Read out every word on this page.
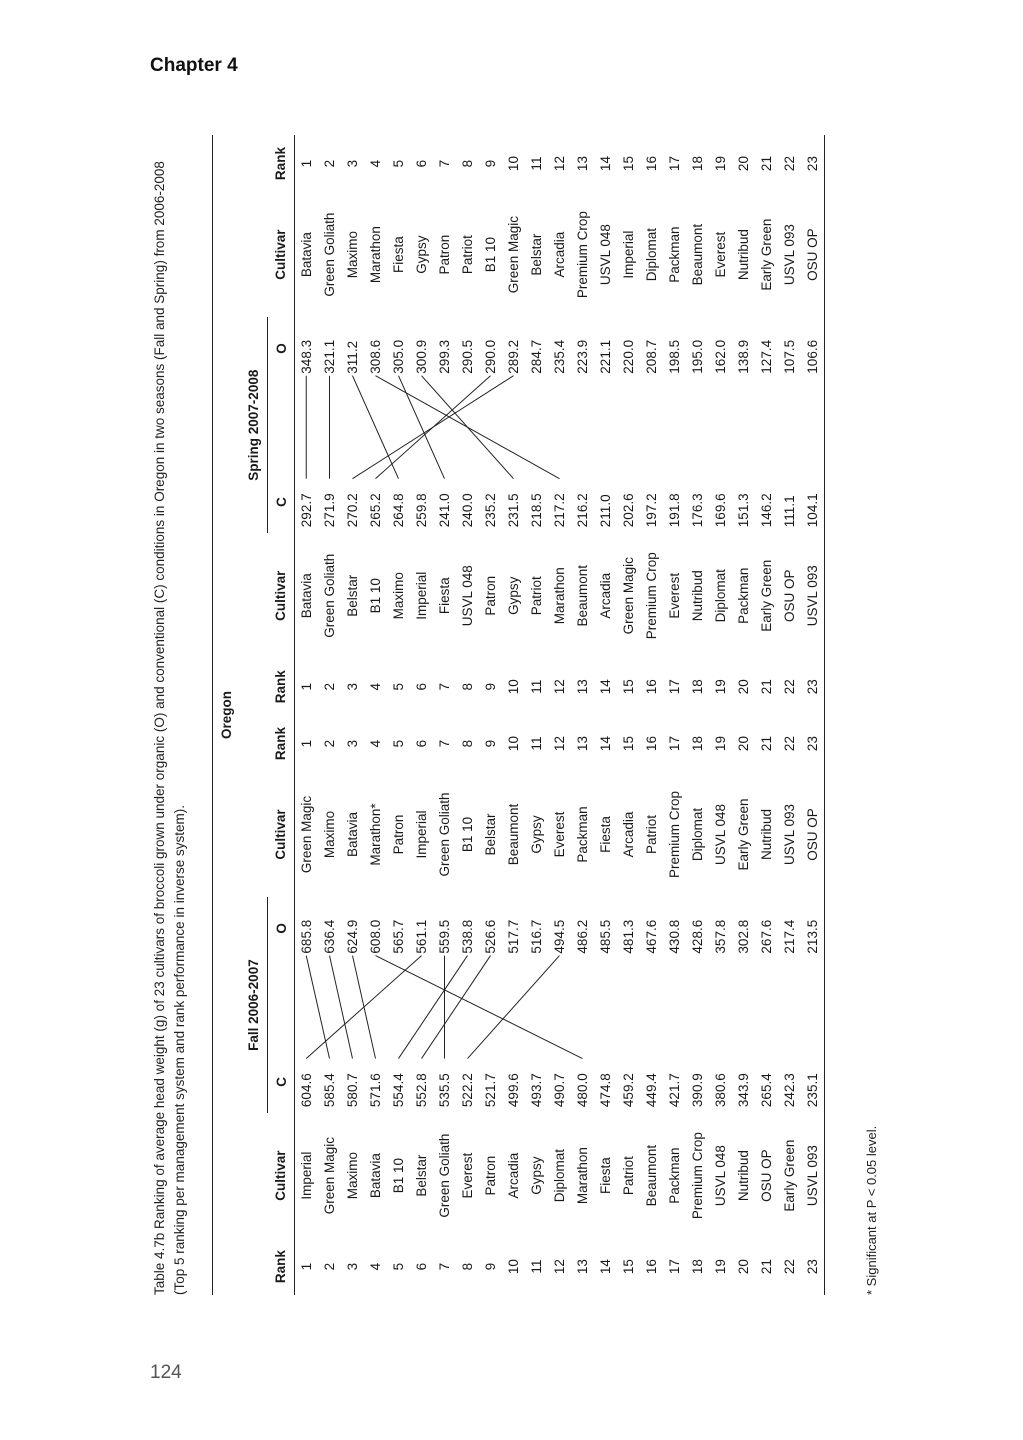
Chapter 4
124
Table 4.7b Ranking of average head weight (g) of 23 cultivars of broccoli grown under organic (O) and conventional (C) conditions in Oregon in two seasons (Fall and Spring) from 2006-2008 (Top 5 ranking per management system and rank performance in inverse system).
Oregon													
		Fall 2006-2007							Spring 2007-2008				
Rank	Cultivar	C		O	Cultivar	Rank	Rank	Cultivar	C		O	Cultivar	Rank
1	Imperial	604.6		685.8	Green Magic	1	1	Batavia	292.7		348.3	Batavia	1
2	Green Magic	585.4		636.4	Maximo	2	2	Green Goliath	271.9		321.1	Green Goliath	2
3	Maximo	580.7		624.9	Batavia	3	3	Belstar	270.2		311.2	Maximo	3
4	Batavia	571.6		608.0	Marathon*	4	4	B1 10	265.2		308.6	Marathon	4
5	B1 10	554.4		565.7	Patron	5	5	Maximo	264.8		305.0	Fiesta	5
6	Belstar	552.8		561.1	Imperial	6	6	Imperial	259.8		300.9	Gypsy	6
7	Green Goliath	535.5		559.5	Green Goliath	7	7	Fiesta	241.0		299.3	Patron	7
8	Everest	522.2		538.8	B1 10	8	8	USVL 048	240.0		290.5	Patriot	8
9	Patron	521.7		526.6	Belstar	9	9	Patron	235.2		290.0	B1 10	9
10	Arcadia	499.6		517.7	Beaumont	10	10	Gypsy	231.5		289.2	Green Magic	10
11	Gypsy	493.7		516.7	Gypsy	11	11	Patriot	218.5		284.7	Belstar	11
12	Diplomat	490.7		494.5	Everest	12	12	Marathon	217.2		235.4	Arcadia	12
13	Marathon	480.0		486.2	Packman	13	13	Beaumont	216.2		223.9	Premium Crop	13
14	Fiesta	474.8		485.5	Fiesta	14	14	Arcadia	211.0		221.1	USVL 048	14
15	Patriot	459.2		481.3	Arcadia	15	15	Green Magic	202.6		220.0	Imperial	15
16	Beaumont	449.4		467.6	Patriot	16	16	Premium Crop	197.2		208.7	Diplomat	16
17	Packman	421.7		430.8	Premium Crop	17	17	Everest	191.8		198.5	Packman	17
18	Premium Crop	390.9		428.6	Diplomat	18	18	Nutribud	176.3		195.0	Beaumont	18
19	USVL 048	380.6		357.8	USVL 048	19	19	Diplomat	169.6		162.0	Everest	19
20	Nutribud	343.9		302.8	Early Green	20	20	Packman	151.3		138.9	Nutribud	20
21	OSU OP	265.4		267.6	Nutribud	21	21	Early Green	146.2		127.4	Early Green	21
22	Early Green	242.3		217.4	USVL 093	22	22	OSU OP	111.1		107.5	USVL 093	22
23	USVL 093	235.1		213.5	OSU OP	23	23	USVL 093	104.1		106.6	OSU OP	23
* Significant at P < 0.05 level.
